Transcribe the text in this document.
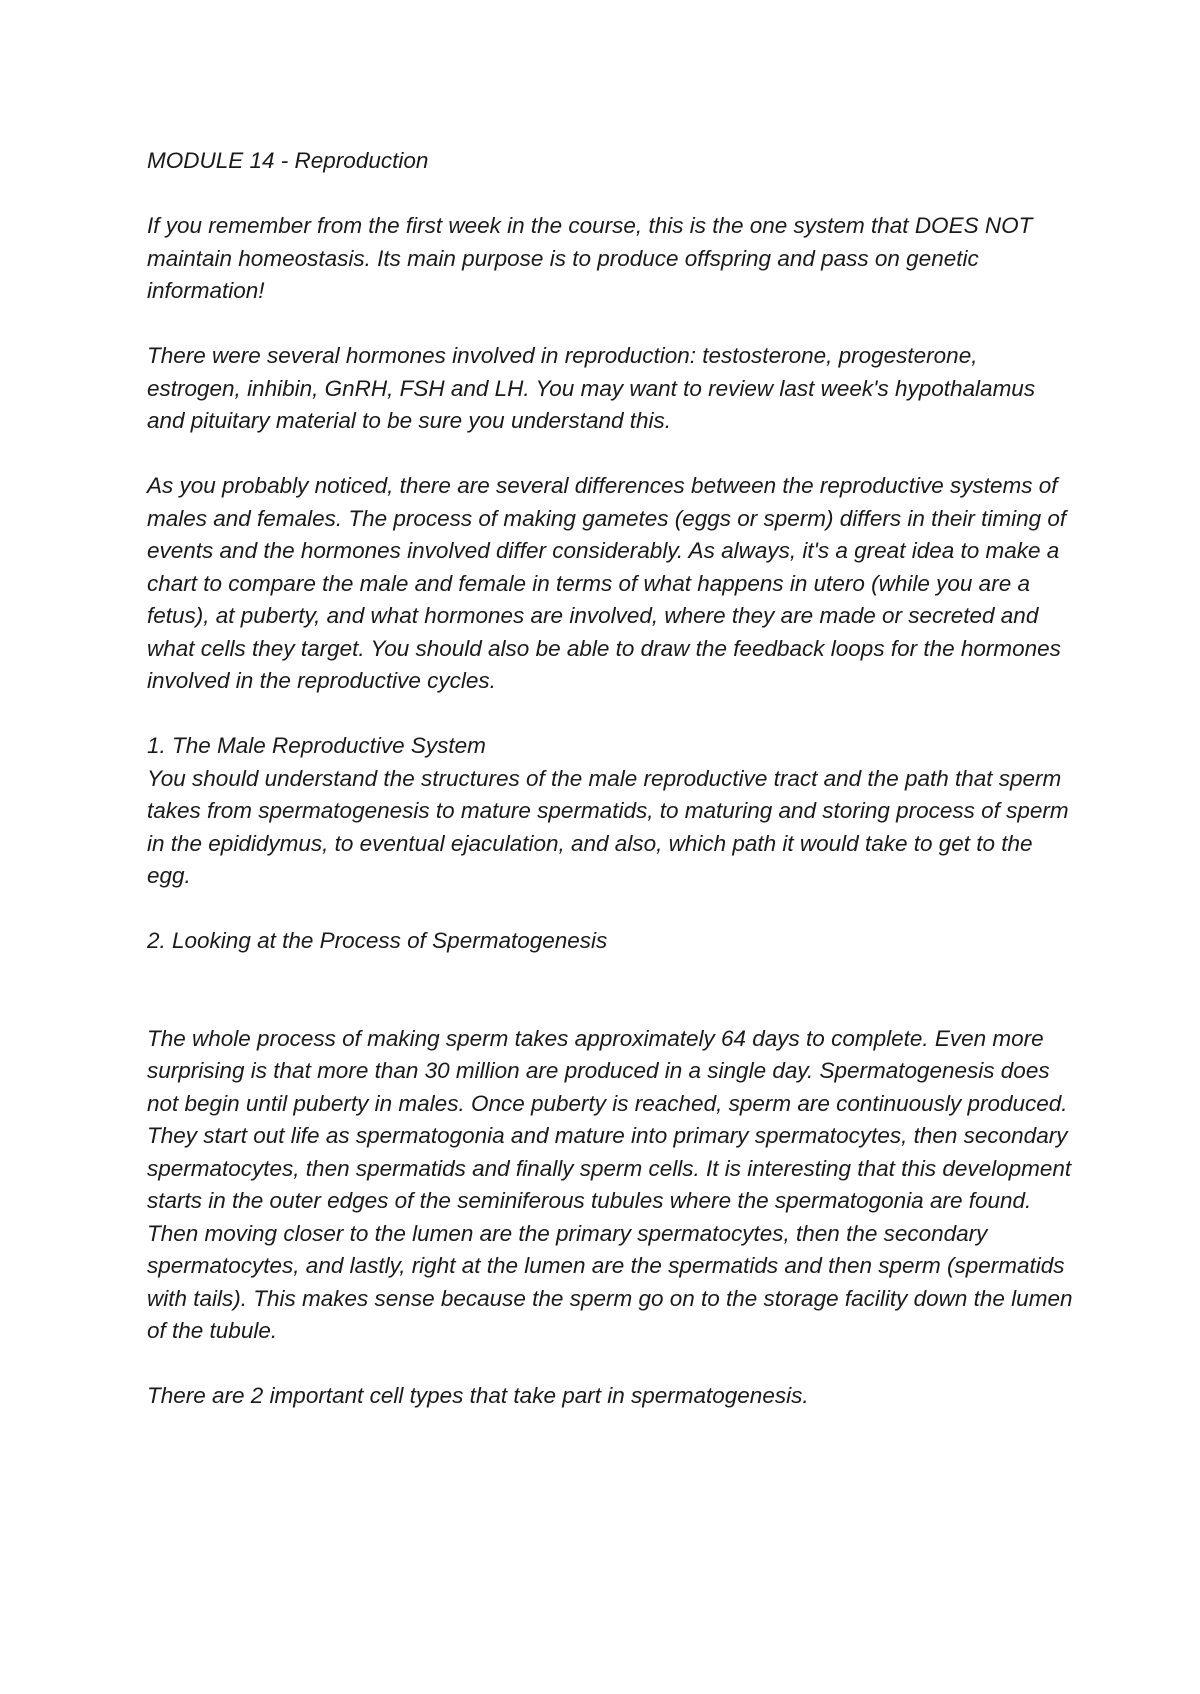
MODULE 14 - Reproduction

If you remember from the first week in the course, this is the one system that DOES NOT maintain homeostasis. Its main purpose is to produce offspring and pass on genetic information!

There were several hormones involved in reproduction: testosterone, progesterone, estrogen, inhibin, GnRH, FSH and LH. You may want to review last week's hypothalamus and pituitary material to be sure you understand this.

As you probably noticed, there are several differences between the reproductive systems of males and females. The process of making gametes (eggs or sperm) differs in their timing of events and the hormones involved differ considerably. As always, it's a great idea to make a chart to compare the male and female in terms of what happens in utero (while you are a fetus), at puberty, and what hormones are involved, where they are made or secreted and what cells they target. You should also be able to draw the feedback loops for the hormones involved in the reproductive cycles.

1. The Male Reproductive System

You should understand the structures of the male reproductive tract and the path that sperm takes from spermatogenesis to mature spermatids, to maturing and storing process of sperm in the epididymus, to eventual ejaculation, and also, which path it would take to get to the egg.

2. Looking at the Process of Spermatogenesis

The whole process of making sperm takes approximately 64 days to complete. Even more surprising is that more than 30 million are produced in a single day. Spermatogenesis does not begin until puberty in males. Once puberty is reached, sperm are continuously produced. They start out life as spermatogonia and mature into primary spermatocytes, then secondary spermatocytes, then spermatids and finally sperm cells. It is interesting that this development starts in the outer edges of the seminiferous tubules where the spermatogonia are found. Then moving closer to the lumen are the primary spermatocytes, then the secondary spermatocytes, and lastly, right at the lumen are the spermatids and then sperm (spermatids with tails). This makes sense because the sperm go on to the storage facility down the lumen of the tubule.

There are 2 important cell types that take part in spermatogenesis.
